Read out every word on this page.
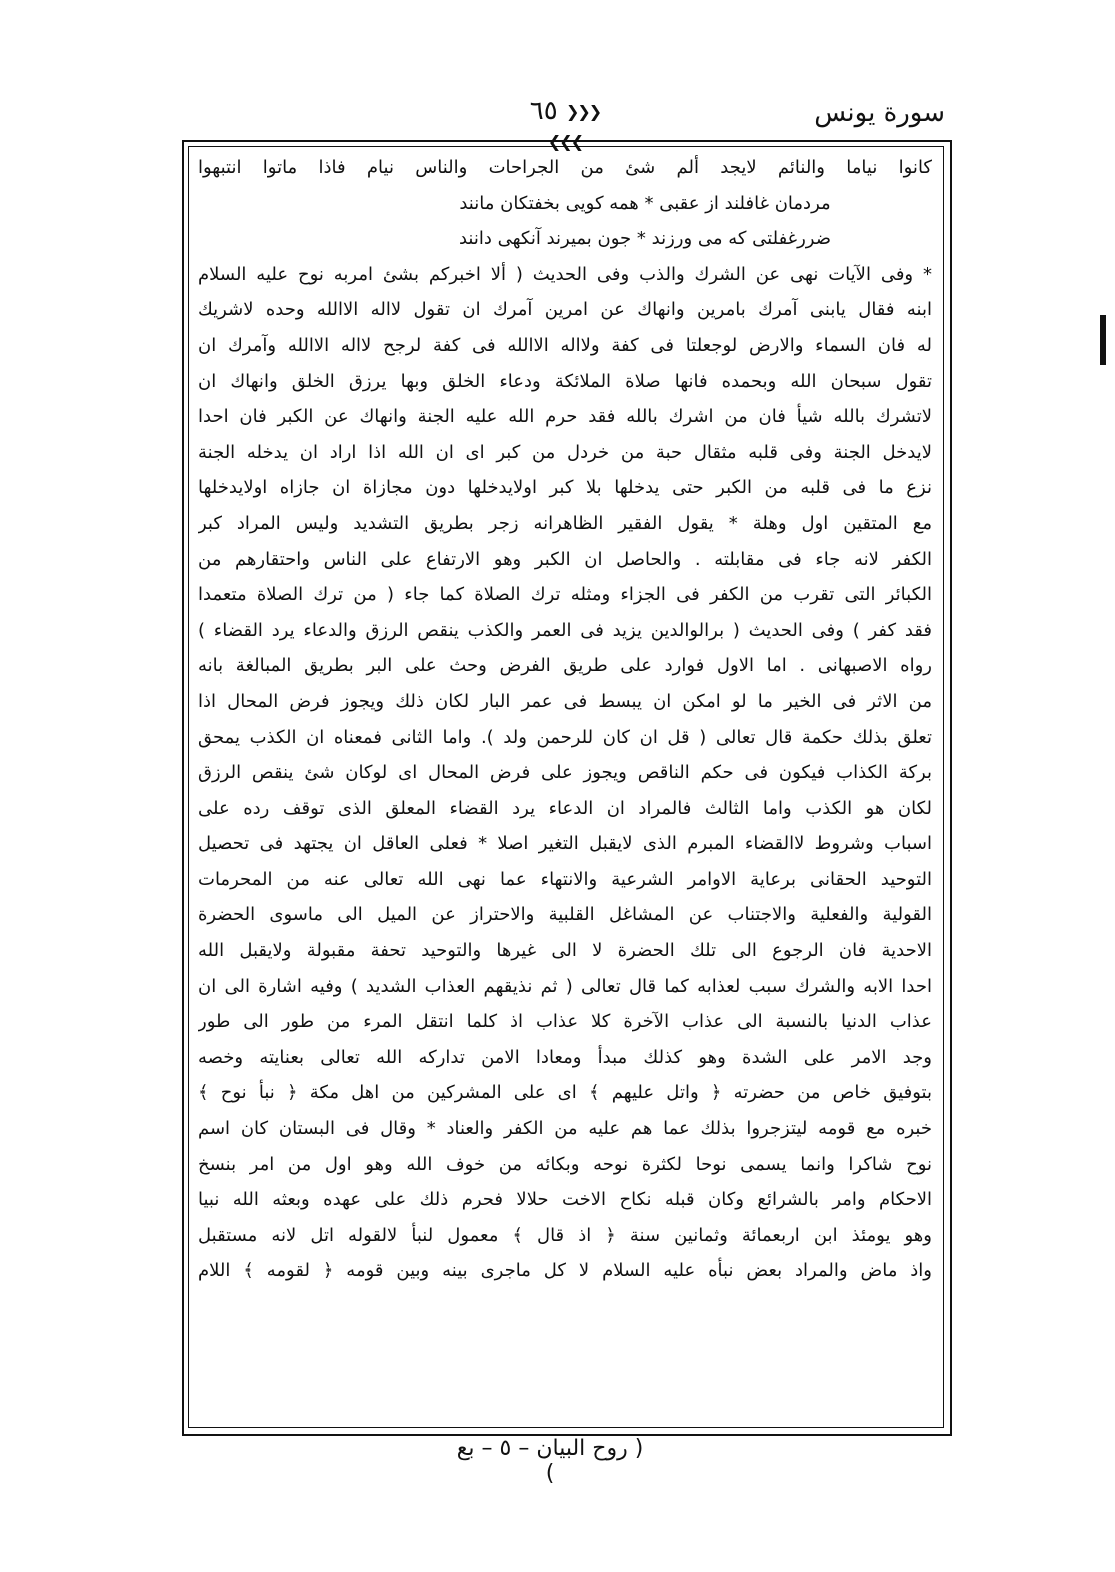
❮❮❮ ٦٥ ❯❯❯
سورة يونس
كانوا نياما والنائم لايجد ألم شئ من الجراحات والناس نيام فاذا ماتوا انتبهوا
مردمان غافلند از عقبى * همه كويى بخفتكان مانند
ضررغفلتى كه مى ورزند * جون بميرند آنكهى دانند
* وفى الآيات نهى عن الشرك والذب وفى الحديث ( ألا اخبركم بشئ امربه نوح عليه السلام
ابنه فقال يابنى آمرك بامرين وانهاك عن امرين آمرك ان تقول لااله الاالله وحده لاشريك
له فان السماء والارض لوجعلتا فى كفة ولااله الاالله فى كفة لرجح لااله الاالله وآمرك ان
تقول سبحان الله وبحمده فانها صلاة الملائكة ودعاء الخلق وبها يرزق الخلق وانهاك ان
لاتشرك بالله شيأ فان من اشرك بالله فقد حرم الله عليه الجنة وانهاك عن الكبر فان احدا
لايدخل الجنة وفى قلبه مثقال حبة من خردل من كبر اى ان الله اذا اراد ان يدخله الجنة
نزع ما فى قلبه من الكبر حتى يدخلها بلا كبر اولايدخلها دون مجازاة ان جازاه اولايدخلها
مع المتقين اول وهلة * يقول الفقير الظاهرانه زجر بطريق التشديد وليس المراد كبر
الكفر لانه جاء فى مقابلته . والحاصل ان الكبر وهو الارتفاع على الناس واحتقارهم من
الكبائر التى تقرب من الكفر فى الجزاء ومثله ترك الصلاة كما جاء ( من ترك الصلاة متعمدا
فقد كفر ) وفى الحديث ( برالوالدين يزيد فى العمر والكذب ينقص الرزق والدعاء يرد القضاء )
رواه الاصبهانى . اما الاول فوارد على طريق الفرض وحث على البر بطريق المبالغة بانه
من الاثر فى الخير ما لو امكن ان يبسط فى عمر البار لكان ذلك ويجوز فرض المحال اذا
تعلق بذلك حكمة قال تعالى ( قل ان كان للرحمن ولد ). واما الثانى فمعناه ان الكذب يمحق
بركة الكذاب فيكون فى حكم الناقص ويجوز على فرض المحال اى لوكان شئ ينقص الرزق
لكان هو الكذب واما الثالث فالمراد ان الدعاء يرد القضاء المعلق الذى توقف رده على
اسباب وشروط لاالقضاء المبرم الذى لايقبل التغير اصلا * فعلى العاقل ان يجتهد فى تحصيل
التوحيد الحقانى برعاية الاوامر الشرعية والانتهاء عما نهى الله تعالى عنه من المحرمات
القولية والفعلية والاجتناب عن المشاغل القلبية والاحتراز عن الميل الى ماسوى الحضرة
الاحدية فان الرجوع الى تلك الحضرة لا الى غيرها والتوحيد تحفة مقبولة ولايقبل الله
احدا الابه والشرك سبب لعذابه كما قال تعالى ( ثم نذيقهم العذاب الشديد ) وفيه اشارة الى ان
عذاب الدنيا بالنسبة الى عذاب الآخرة كلا عذاب اذ كلما انتقل المرء من طور الى طور
وجد الامر على الشدة وهو كذلك مبدأ ومعادا الامن تداركه الله تعالى بعنايته وخصه
بتوفيق خاص من حضرته ﴿ واتل عليهم ﴾ اى على المشركين من اهل مكة ﴿ نبأ نوح ﴾
خبره مع قومه ليتزجروا بذلك عما هم عليه من الكفر والعناد * وقال فى البستان كان اسم
نوح شاكرا وانما يسمى نوحا لكثرة نوحه وبكائه من خوف الله وهو اول من امر بنسخ
الاحكام وامر بالشرائع وكان قبله نكاح الاخت حلالا فحرم ذلك على عهده وبعثه الله نبيا
وهو يومئذ ابن اربعمائة وثمانين سنة ﴿ اذ قال ﴾ معمول لنبأ لالقوله اتل لانه مستقبل
واذ ماض والمراد بعض نبأه عليه السلام لا كل ماجرى بينه وبين قومه ﴿ لقومه ﴾ اللام
( روح البيان – ٥ – بع )
